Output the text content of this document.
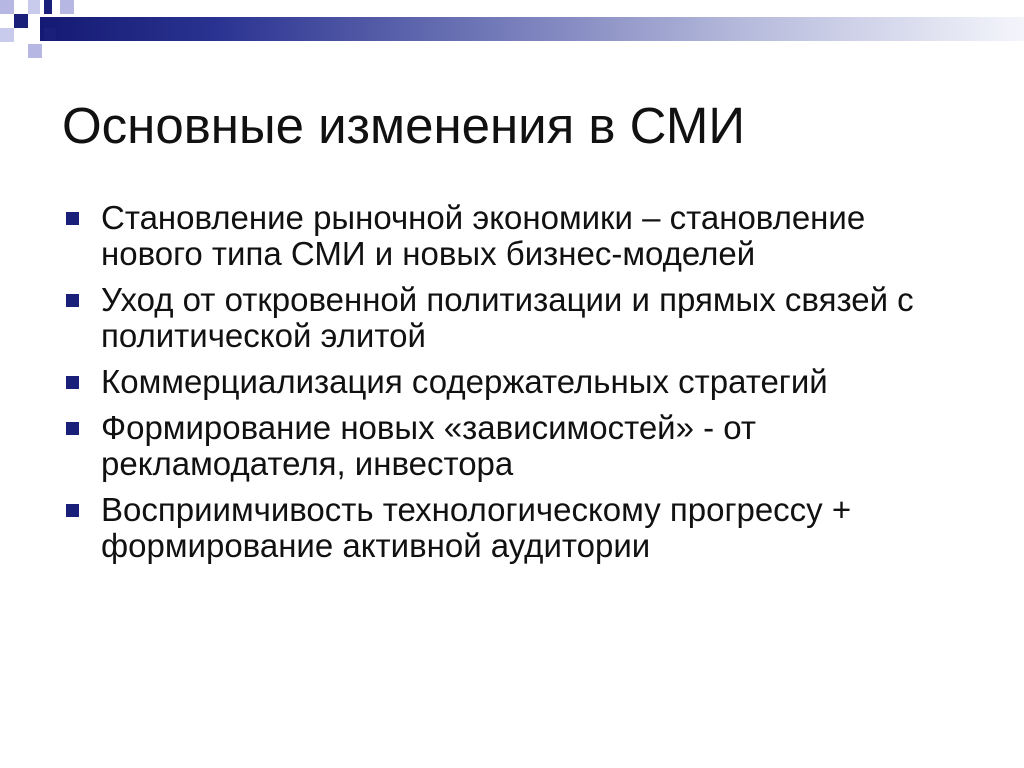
Основные изменения в СМИ
Становление рыночной экономики – становление нового типа СМИ и новых бизнес-моделей
Уход от откровенной политизации и прямых связей с политической элитой
Коммерциализация содержательных стратегий
Формирование новых «зависимостей» - от рекламодателя, инвестора
Восприимчивость технологическому прогрессу + формирование активной аудитории
